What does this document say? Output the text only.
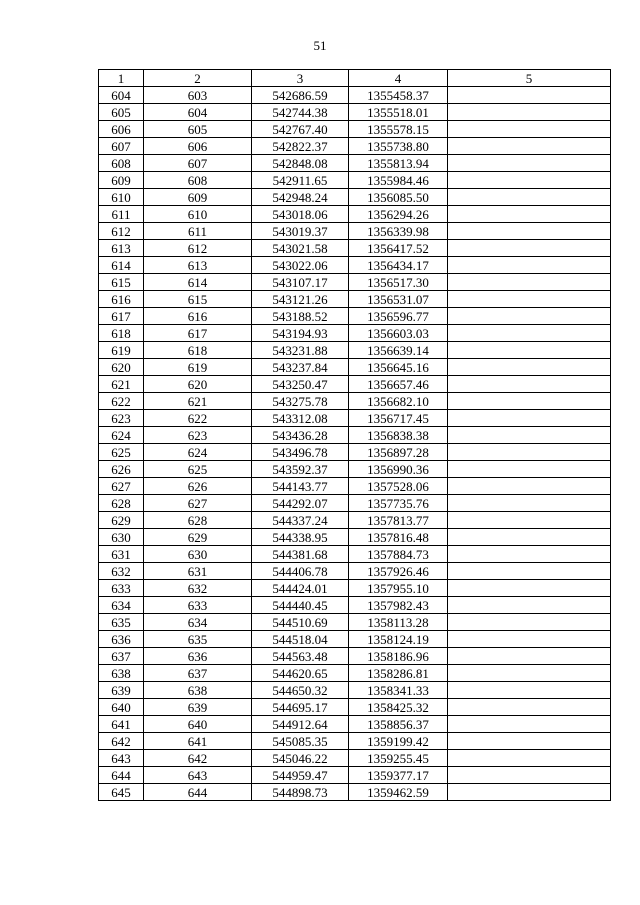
51
1	2	3	4	5
604	603	542686.59	1355458.37	
605	604	542744.38	1355518.01	
606	605	542767.40	1355578.15	
607	606	542822.37	1355738.80	
608	607	542848.08	1355813.94	
609	608	542911.65	1355984.46	
610	609	542948.24	1356085.50	
611	610	543018.06	1356294.26	
612	611	543019.37	1356339.98	
613	612	543021.58	1356417.52	
614	613	543022.06	1356434.17	
615	614	543107.17	1356517.30	
616	615	543121.26	1356531.07	
617	616	543188.52	1356596.77	
618	617	543194.93	1356603.03	
619	618	543231.88	1356639.14	
620	619	543237.84	1356645.16	
621	620	543250.47	1356657.46	
622	621	543275.78	1356682.10	
623	622	543312.08	1356717.45	
624	623	543436.28	1356838.38	
625	624	543496.78	1356897.28	
626	625	543592.37	1356990.36	
627	626	544143.77	1357528.06	
628	627	544292.07	1357735.76	
629	628	544337.24	1357813.77	
630	629	544338.95	1357816.48	
631	630	544381.68	1357884.73	
632	631	544406.78	1357926.46	
633	632	544424.01	1357955.10	
634	633	544440.45	1357982.43	
635	634	544510.69	1358113.28	
636	635	544518.04	1358124.19	
637	636	544563.48	1358186.96	
638	637	544620.65	1358286.81	
639	638	544650.32	1358341.33	
640	639	544695.17	1358425.32	
641	640	544912.64	1358856.37	
642	641	545085.35	1359199.42	
643	642	545046.22	1359255.45	
644	643	544959.47	1359377.17	
645	644	544898.73	1359462.59	
